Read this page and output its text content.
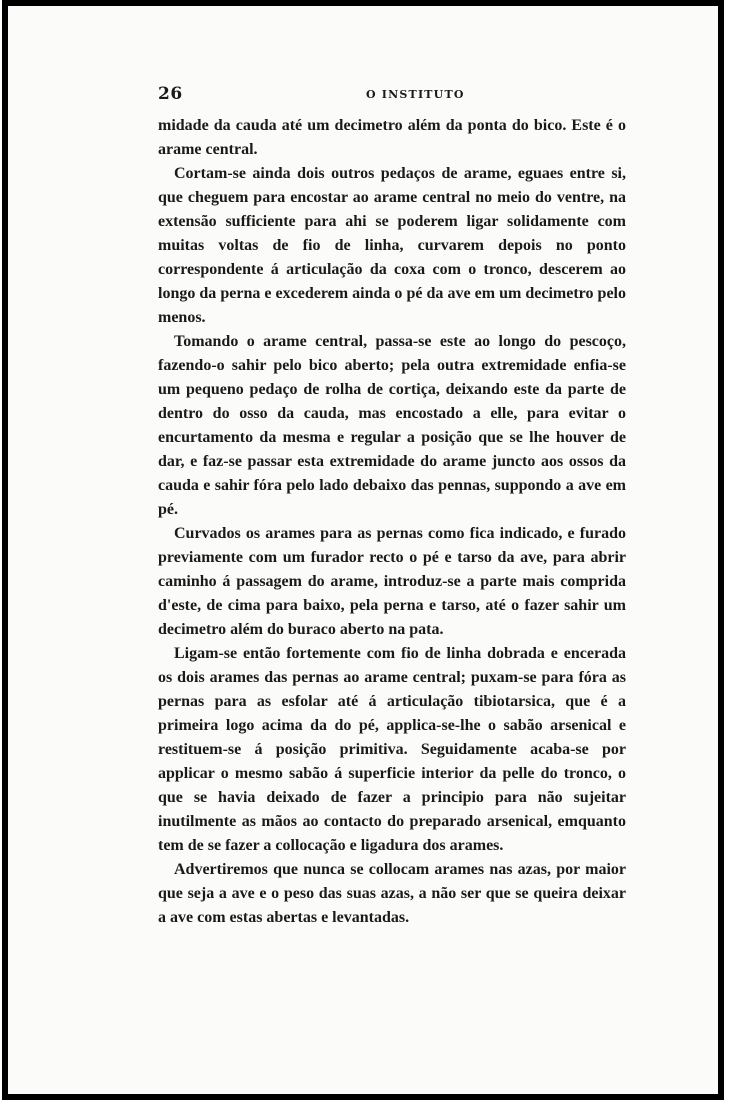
26	O INSTITUTO

midade da cauda até um decimetro além da ponta do bico. Este é o arame central.

Cortam-se ainda dois outros pedaços de arame, eguaes entre si, que cheguem para encostar ao arame central no meio do ventre, na extensão sufficiente para ahi se poderem ligar solidamente com muitas voltas de fio de linha, curvarem depois no ponto correspondente á articulação da coxa com o tronco, descerem ao longo da perna e excederem ainda o pé da ave em um decimetro pelo menos.

Tomando o arame central, passa-se este ao longo do pescoço, fazendo-o sahir pelo bico aberto; pela outra extremidade enfia-se um pequeno pedaço de rolha de cortiça, deixando este da parte de dentro do osso da cauda, mas encostado a elle, para evitar o encurtamento da mesma e regular a posição que se lhe houver de dar, e faz-se passar esta extremidade do arame juncto aos ossos da cauda e sahir fóra pelo lado debaixo das pennas, suppondo a ave em pé.

Curvados os arames para as pernas como fica indicado, e furado previamente com um furador recto o pé e tarso da ave, para abrir caminho á passagem do arame, introduz-se a parte mais comprida d'este, de cima para baixo, pela perna e tarso, até o fazer sahir um decimetro além do buraco aberto na pata.

Ligam-se então fortemente com fio de linha dobrada e encerada os dois arames das pernas ao arame central; puxam-se para fóra as pernas para as esfolar até á articulação tibiotarsica, que é a primeira logo acima da do pé, applica-se-lhe o sabão arsenical e restituem-se á posição primitiva. Seguidamente acaba-se por applicar o mesmo sabão á superficie interior da pelle do tronco, o que se havia deixado de fazer a principio para não sujeitar inutilmente as mãos ao contacto do preparado arsenical, emquanto tem de se fazer a collocação e ligadura dos arames.

Advertiremos que nunca se collocam arames nas azas, por maior que seja a ave e o peso das suas azas, a não ser que se queira deixar a ave com estas abertas e levantadas.
